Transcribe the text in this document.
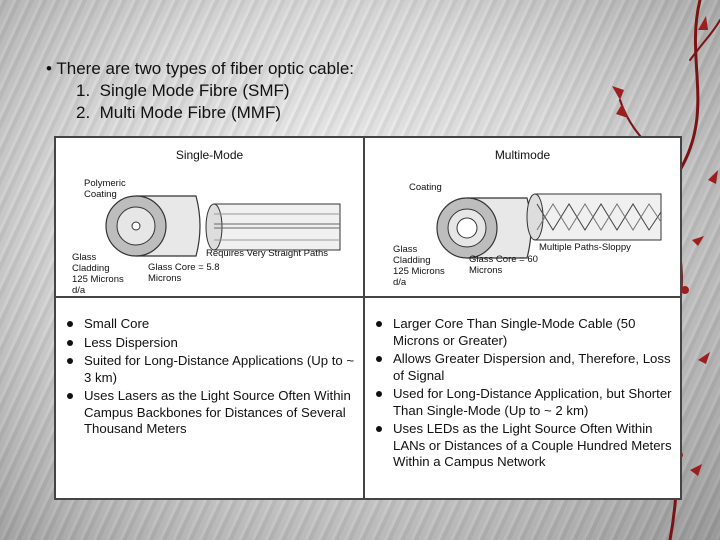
• There are two types of fiber optic cable:
1. Single Mode Fibre (SMF)
2. Multi Mode Fibre (MMF)
Single-Mode
Polymeric Coating
Glass
Cladding
125 Microns
d/a
Glass Core = 5.8 Microns
Requires Very Straight Paths
Multimode
Coating
Glass
Cladding
125 Microns
d/a
Glass Core = 60 Microns
Multiple Paths-Sloppy
Small Core
Less Dispersion
Suited for Long-Distance Applications (Up to ~ 3 km)
Uses Lasers as the Light Source Often Within Campus Backbones for Distances of Several Thousand Meters
Larger Core Than Single-Mode Cable (50 Microns or Greater)
Allows Greater Dispersion and, Therefore, Loss of Signal
Used for Long-Distance Application, but Shorter Than Single-Mode (Up to ~ 2 km)
Uses LEDs as the Light Source Often Within LANs or Distances of a Couple Hundred Meters Within a Campus Network
